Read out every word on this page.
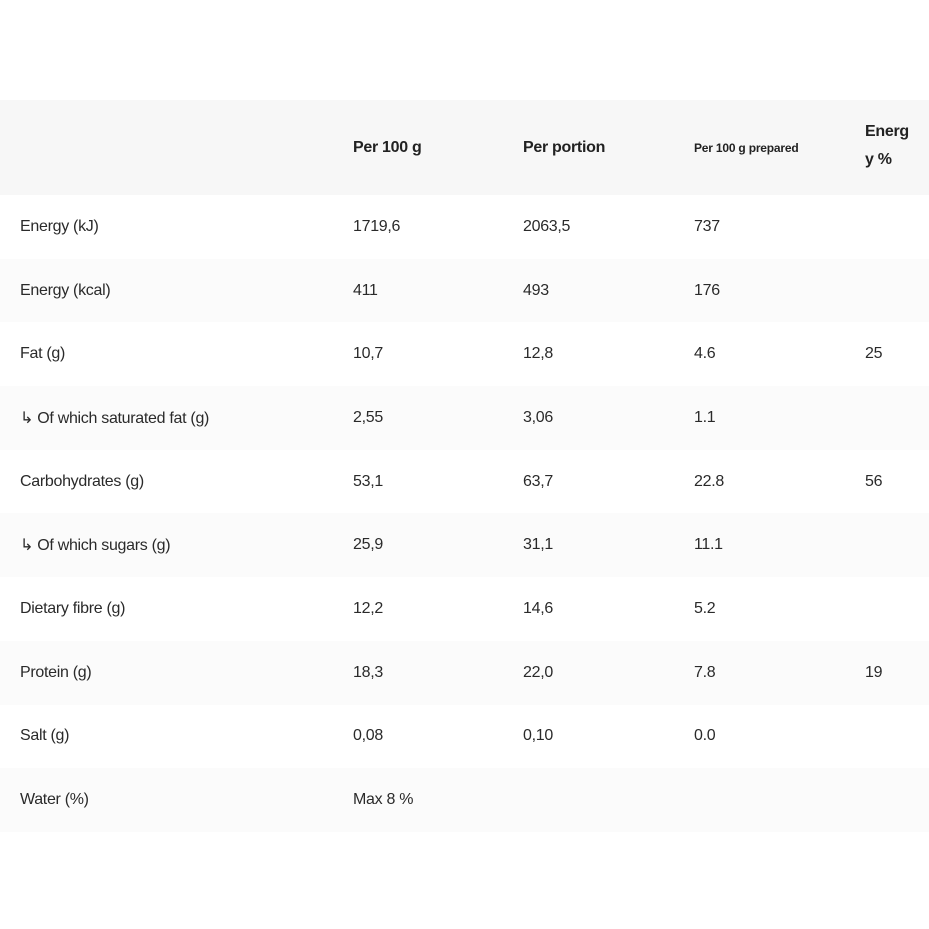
	Per 100 g	Per portion	Per 100 g prepared	Energy %

Energy (kJ)	1719,6	2063,5	737	
Energy (kcal)	411	493	176	
Fat (g)	10,7	12,8	4.6	25
↳ Of which saturated fat (g)	2,55	3,06	1.1	
Carbohydrates (g)	53,1	63,7	22.8	56
↳ Of which sugars (g)	25,9	31,1	11.1	
Dietary fibre (g)	12,2	14,6	5.2	
Protein (g)	18,3	22,0	7.8	19
Salt (g)	0,08	0,10	0.0	
Water (%)	Max 8 %			
